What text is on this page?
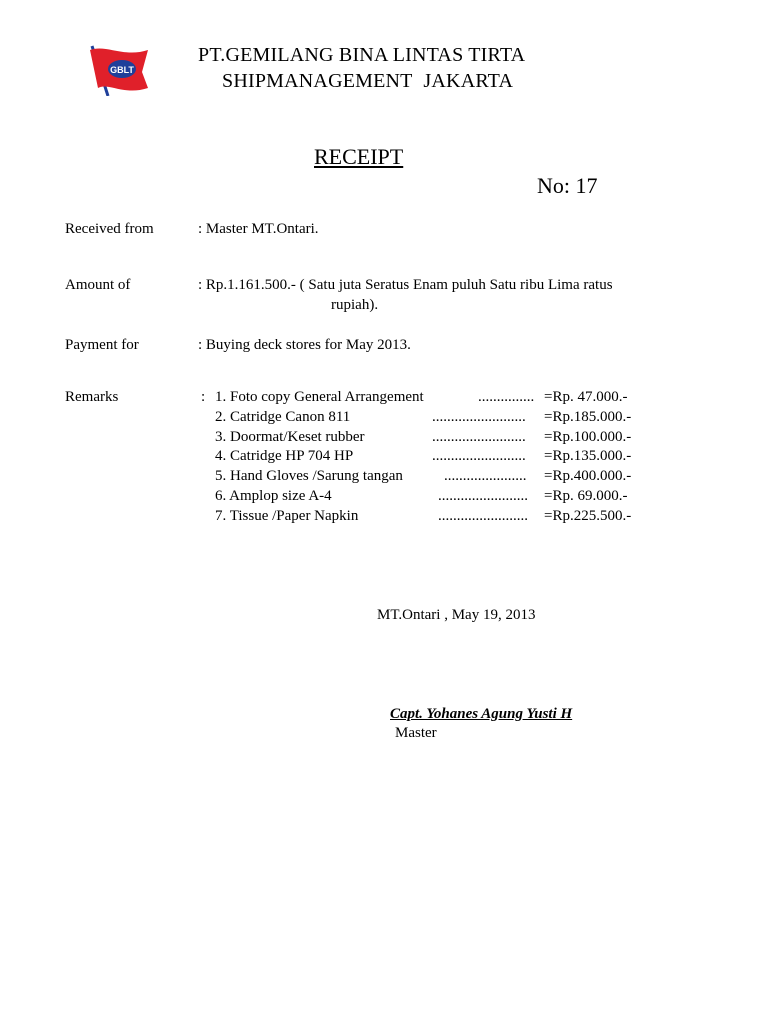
GBLT
PT.GEMILANG BINA LINTAS TIRTA
SHIPMANAGEMENT JAKARTA
RECEIPT
No: 17
Received from	: Master MT.Ontari.
Amount of	: Rp.1.161.500.- ( Satu juta Seratus Enam puluh Satu ribu Lima ratus
rupiah).
Payment for	: Buying deck stores for May 2013.
Remarks	: 1. Foto copy General Arrangement	............... =Rp. 47.000.-
2. Catridge Canon 811	......................... =Rp.185.000.-
3. Doormat/Keset rubber	......................... =Rp.100.000.-
4. Catridge HP 704 HP	......................... =Rp.135.000.-
5. Hand Gloves /Sarung tangan	...................... =Rp.400.000.-
6. Amplop size A-4	........................ =Rp. 69.000.-
7. Tissue /Paper Napkin	........................ =Rp.225.500.-
MT.Ontari , May 19, 2013
Capt. Yohanes Agung Yusti H
Master
